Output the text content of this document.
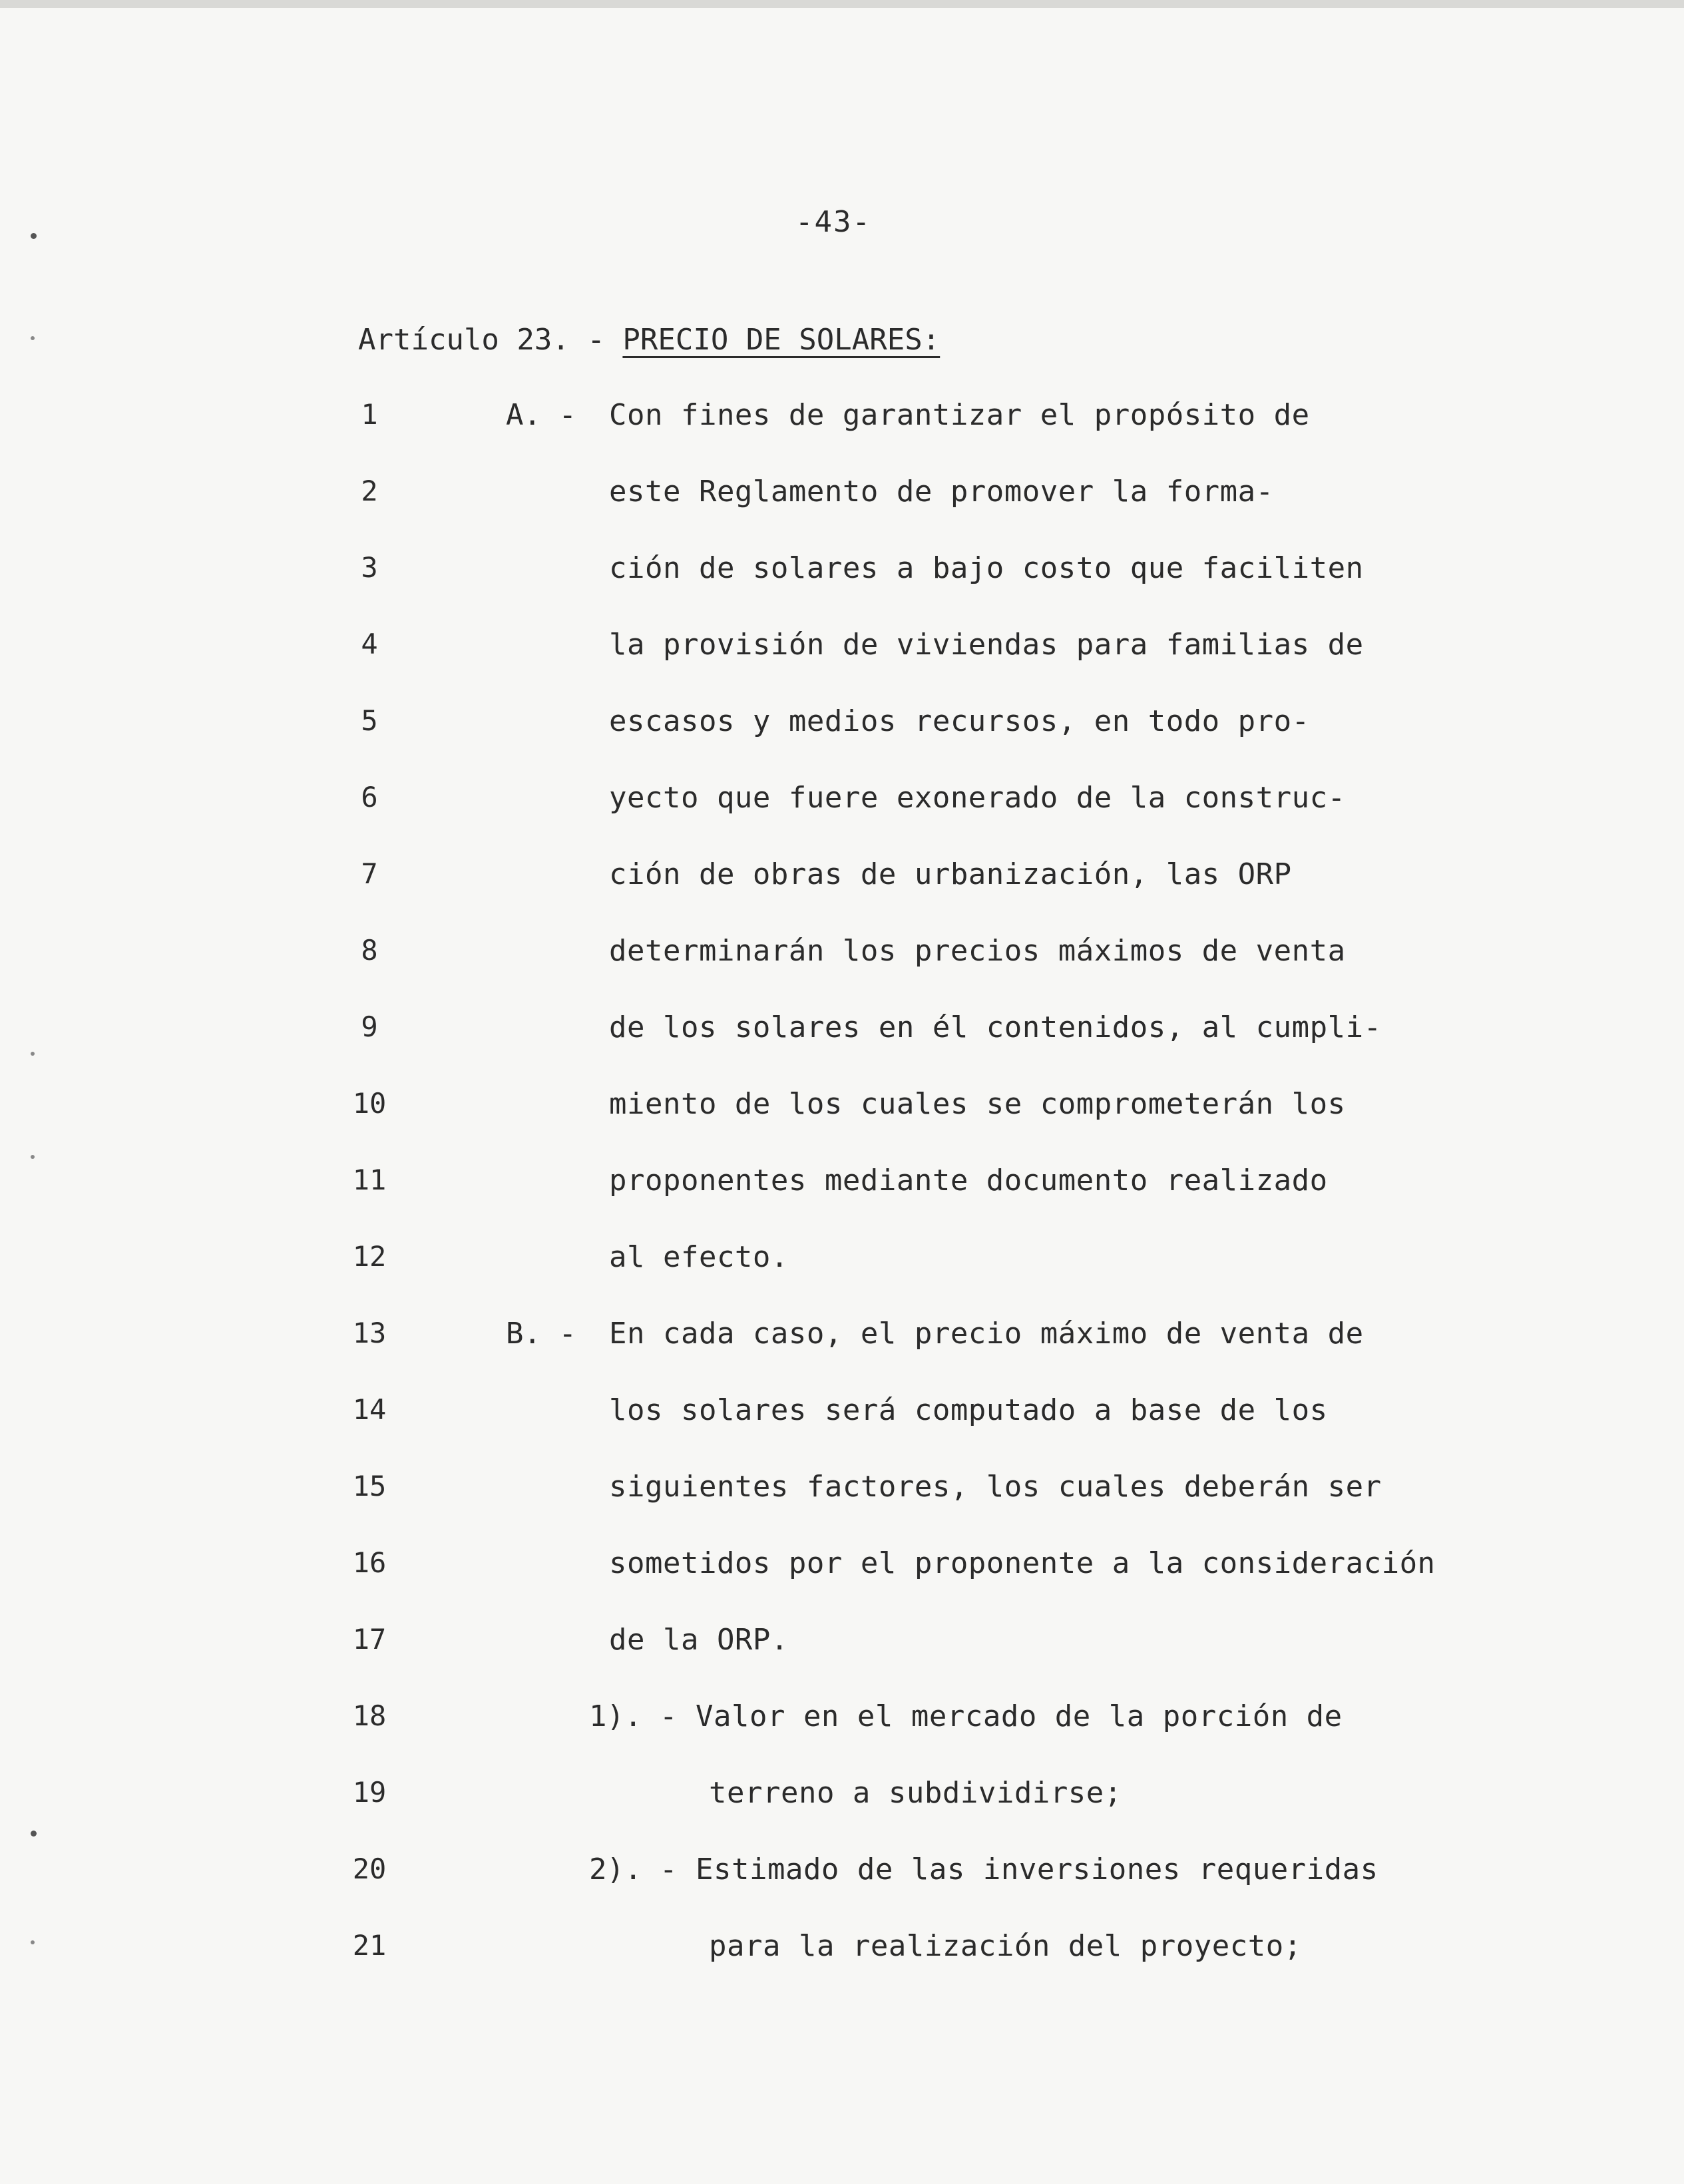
-43-
Artículo 23. - PRECIO DE SOLARES:
1	A. - Con fines de garantizar el propósito de
2	este Reglamento de promover la forma-
3	ción de solares a bajo costo que faciliten
4	la provisión de viviendas para familias de
5	escasos y medios recursos, en todo pro-
6	yecto que fuere exonerado de la construc-
7	ción de obras de urbanización, las ORP
8	determinarán los precios máximos de venta
9	de los solares en él contenidos, al cumpli-
10	miento de los cuales se comprometerán los
11	proponentes mediante documento realizado
12	al efecto.
13	B. - En cada caso, el precio máximo de venta de
14	los solares será computado a base de los
15	siguientes factores, los cuales deberán ser
16	sometidos por el proponente a la consideración
17	de la ORP.
18	1). - Valor en el mercado de la porción de
19	terreno a subdividirse;
20	2). - Estimado de las inversiones requeridas
21	para la realización del proyecto;
